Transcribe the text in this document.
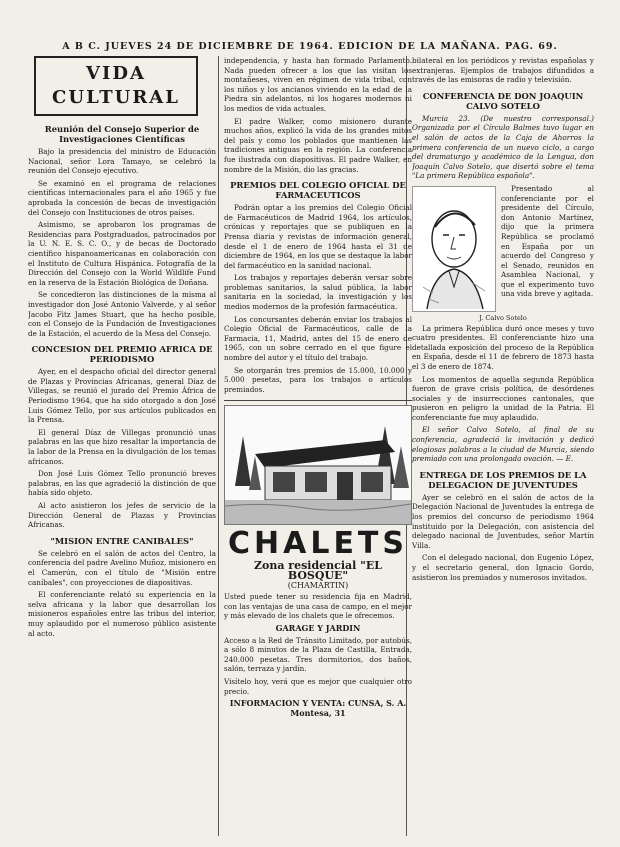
A B C. JUEVES 24 DE DICIEMBRE DE 1964. EDICION DE LA MAÑANA. PAG. 69.
VIDA CULTURAL
Reunión del Consejo Superior de Investigaciones Científicas

Bajo la presidencia del ministro de Educación Nacional, señor Lora Tamayo, se celebró la reunión del Consejo ejecutivo.

Se examinó en el programa de relaciones científicas internacionales para el año 1965 y fue aprobada la concesión de becas de investigación del Consejo con Instituciones de otros países.

Asimismo, se aprobaron los programas de Residencias para Postgraduados, patrocinados por la U. N. E. S. C. O., y de becas de Doctorado científico hispanoamericanas en colaboración con el Instituto de Cultura Hispánica. Fotografía de la Dirección del Consejo con la World Wildlife Fund en la reserva de la Estación Biológica de Doñana.

Se concedieron las distinciones de la misma al investigador don José Antonio Valverde, y al señor Jacobo Fitz James Stuart, que ha hecho posible, con el Consejo de la Fundación de Investigaciones de la Estación, el acuerdo de la Mesa del Consejo.

CONCESION DEL PREMIO AFRICA DE PERIODISMO

Ayer, en el despacho oficial del director general de Plazas y Provincias Africanas, general Díaz de Villegas, se reunió el jurado del Premio África de Periodismo 1964, que ha sido otorgado a don José Luis Gómez Tello, por sus artículos publicados en la Prensa.

El general Díaz de Villegas pronunció unas palabras en las que hizo resaltar la importancia de la labor de la Prensa en la divulgación de los temas africanos.

Don José Luis Gómez Tello pronunció breves palabras, en las que agradeció la distinción de que había sido objeto.

Al acto asistieron los jefes de servicio de la Dirección General de Plazas y Provincias Africanas.

"MISION ENTRE CANIBALES"

Se celebró en el salón de actos del Centro, la conferencia del padre Avelino Muñoz, misionero en el Camerún, con el título de "Misión entre caníbales", con proyecciones de diapositivas.

El conferenciante relató su experiencia en la selva africana y la labor que desarrollan los misioneros españoles entre las tribus del interior, muy aplaudido por el numeroso público asistente al acto.

independencia, y hasta han formado Parlamento. Nada pueden ofrecer a los que las visitan los montañeses, viven en régimen de vida tribal, con los niños y los ancianos viviendo en la edad de la Piedra sin adelantos, ni los hogares modernos ni los medios de vida actuales.

El padre Walker, como misionero durante muchos años, explicó la vida de los grandes mitos del país y como los poblados que mantienen las tradiciones antiguas en la región. La conferencia fue ilustrada con diapositivas. El padre Walker, en nombre de la Misión, dio las gracias.

PREMIOS DEL COLEGIO OFICIAL DE FARMACEUTICOS

Podrán optar a los premios del Colegio Oficial de Farmacéuticos de Madrid 1964, los artículos, crónicas y reportajes que se publiquen en la Prensa diaria y revistas de información general, desde el 1 de enero de 1964 hasta el 31 de diciembre de 1964, en los que se destaque la labor del farmacéutico en la sanidad nacional.

Los trabajos y reportajes deberán versar sobre problemas sanitarios, la salud pública, la labor sanitaria en la sociedad, la investigación y los medios modernos de la profesión farmacéutica.

Los concursantes deberán enviar los trabajos al Colegio Oficial de Farmacéuticos, calle de la Farmacia, 11, Madrid, antes del 15 de enero de 1965, con un sobre cerrado en el que figure el nombre del autor y el título del trabajo.

Se otorgarán tres premios de 15.000, 10.000 y 5.000 pesetas, para los trabajos o artículos premiados.

CHALETS
Zona residencial "EL BOSQUE"
(CHAMARTIN)

Usted puede tener su residencia fija en Madrid, con las ventajas de una casa de campo, en el mejor y más elevado de los chalets que le ofrecemos.

GARAGE Y JARDIN

Acceso a la Red de Tránsito Limitado, por autobús, a sólo 8 minutos de la Plaza de Castilla, Entrada, 240.000 pesetas. Tres dormitorios, dos baños, salón, terraza y jardín.

Visítelo hoy, verá que es mejor que cualquier otro precio.

INFORMACION Y VENTA: CUNSA, S. A. Montesa, 31

bilateral en los periódicos y revistas españolas y extranjeras. Ejemplos de trabajos difundidos a través de las emisoras de radio y televisión.

CONFERENCIA DE DON JOAQUIN CALVO SOTELO

Murcia 23. (De nuestro corresponsal.) Organizada por el Círculo Balmes tuvo lugar en el salón de actos de la Caja de Ahorros la primera conferencia de un nuevo ciclo, a cargo del dramaturgo y académico de la Lengua, don Joaquín Calvo Sotelo, que disertó sobre el tema "La primera República española".

Presentado al conferenciante por el presidente del Círculo, don Antonio Martínez, dijo que la primera República se proclamó en España por un acuerdo del Congreso y el Senado, reunidos en Asamblea Nacional, y que el experimento tuvo una vida breve y agitada.

J. Calvo Sotelo

La primera República duró once meses y tuvo cuatro presidentes. El conferenciante hizo una detallada exposición del proceso de la República en España, desde el 11 de febrero de 1873 hasta el 3 de enero de 1874.

Los momentos de aquella segunda República fueron de grave crisis política, de desórdenes sociales y de insurrecciones cantonales, que pusieron en peligro la unidad de la Patria. El conferenciante fue muy aplaudido.

El señor Calvo Sotelo, al final de su conferencia, agradeció la invitación y dedicó elogiosas palabras a la ciudad de Murcia, siendo premiado con una prolongada ovación. — E.

ENTREGA DE LOS PREMIOS DE LA DELEGACION DE JUVENTUDES

Ayer se celebró en el salón de actos de la Delegación Nacional de Juventudes la entrega de los premios del concurso de periodismo 1964 instituido por la Delegación, con asistencia del delegado nacional de Juventudes, señor Martín Villa.

Con el delegado nacional, don Eugenio López, y el secretario general, don Ignacio Gordo, asistieron los premiados y numerosos invitados.
